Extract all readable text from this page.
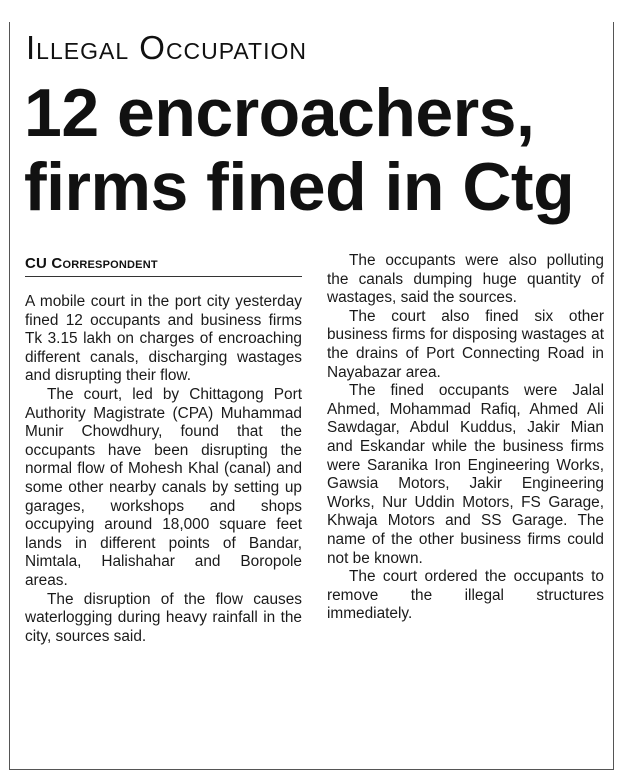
Illegal Occupation
12 encroachers,
firms fined in Ctg
CU Correspondent

A mobile court in the port city yesterday fined 12 occupants and business firms Tk 3.15 lakh on charges of encroaching different canals, discharging wastages and disrupting their flow.

The court, led by Chittagong Port Authority Magistrate (CPA) Muhammad Munir Chowdhury, found that the occupants have been disrupting the normal flow of Mohesh Khal (canal) and some other nearby canals by setting up garages, workshops and shops occupying around 18,000 square feet lands in different points of Bandar, Nimtala, Halishahar and Boropole areas.

The disruption of the flow causes waterlogging during heavy rainfall in the city, sources said.

The occupants were also polluting the canals dumping huge quantity of wastages, said the sources.

The court also fined six other business firms for disposing wastages at the drains of Port Connecting Road in Nayabazar area.

The fined occupants were Jalal Ahmed, Mohammad Rafiq, Ahmed Ali Sawdagar, Abdul Kuddus, Jakir Mian and Eskandar while the business firms were Saranika Iron Engineering Works, Gawsia Motors, Jakir Engineering Works, Nur Uddin Motors, FS Garage, Khwaja Motors and SS Garage. The name of the other business firms could not be known.

The court ordered the occupants to remove the illegal structures immediately.
